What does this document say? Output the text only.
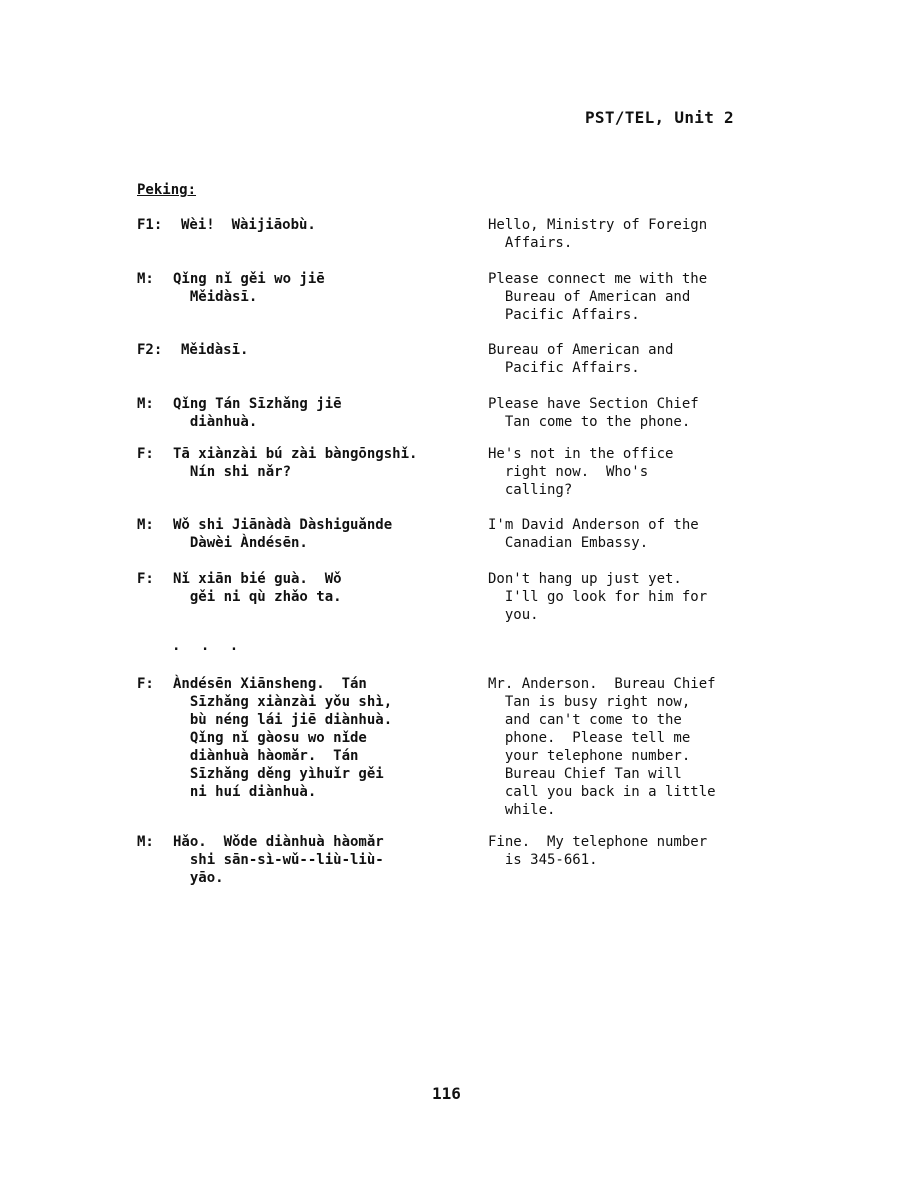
PST/TEL, Unit 2
Peking:
F1: Wèi!  Wàijiāobù.	Hello, Ministry of Foreign
Affairs.
M: Qǐng nǐ gěi wo jiē
Měidàsī.
Please connect me with the
Bureau of American and
Pacific Affairs.
F2: Měidàsī.	Bureau of American and
Pacific Affairs.
M: Qǐng Tán Sīzhǎng jiē
diànhuà.
Please have Section Chief
Tan come to the phone.
F: Tā xiànzài bú zài bàngōngshǐ.
Nín shi nǎr?
He's not in the office
right now.  Who's
calling?
M: Wǒ shi Jiānàdà Dàshiguǎnde
Dàwèi Àndésēn.
I'm David Anderson of the
Canadian Embassy.
F: Nǐ xiān bié guà.  Wǒ
gěi ni qù zhǎo ta.
Don't hang up just yet.
I'll go look for him for
you.
. . .
F: Àndésēn Xiānsheng.  Tán
Sīzhǎng xiànzài yǒu shì,
bù néng lái jiē diànhuà.
Qǐng nǐ gàosu wo nǐde
diànhuà hàomǎr.  Tán
Sīzhǎng děng yìhuǐr gěi
ni huí diànhuà.
Mr. Anderson.  Bureau Chief
Tan is busy right now,
and can't come to the
phone.  Please tell me
your telephone number.
Bureau Chief Tan will
call you back in a little
while.
M: Hǎo.  Wǒde diànhuà hàomǎr
shi sān-sì-wǔ--liù-liù-
yāo.
Fine.  My telephone number
is 345-661.
116
